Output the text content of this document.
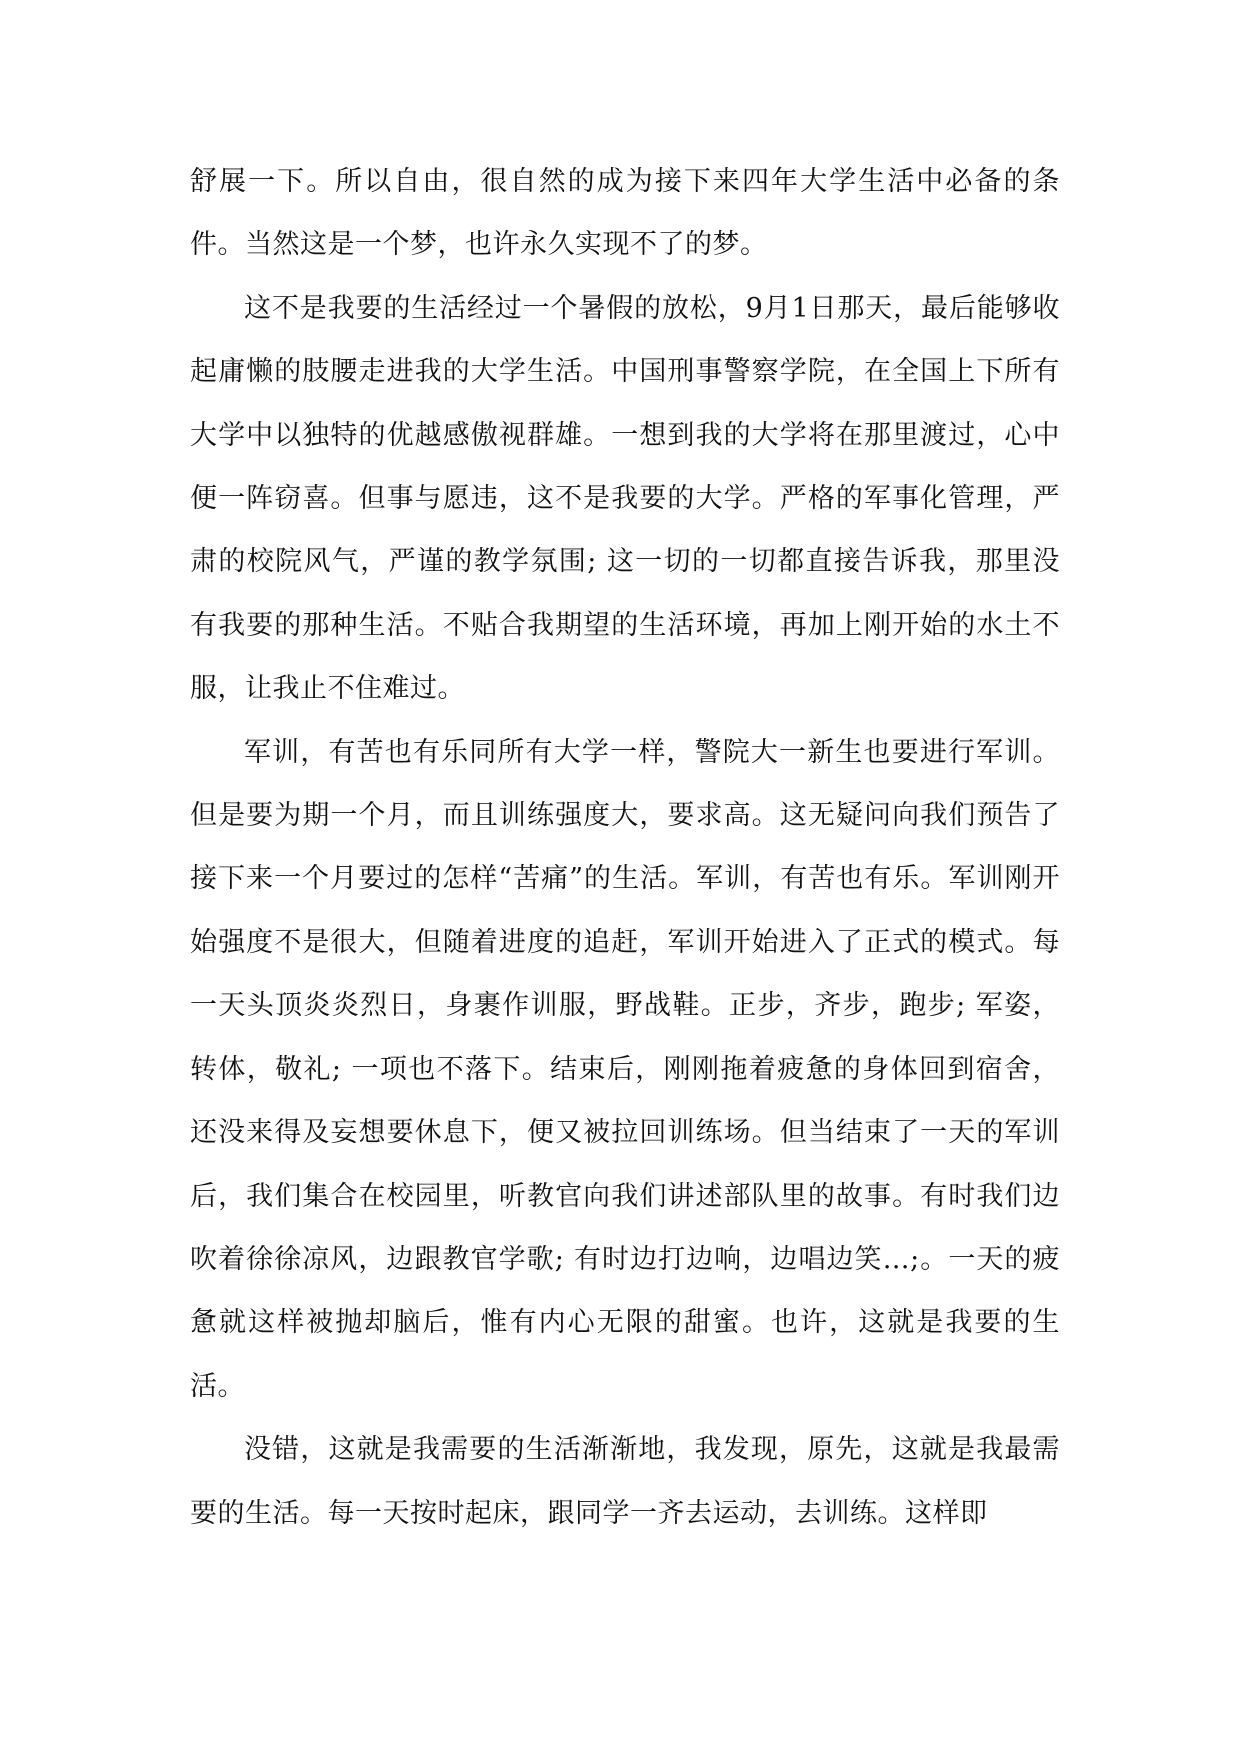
舒展一下。所以自由，很自然的成为接下来四年大学生活中必备的条件。当然这是一个梦，也许永久实现不了的梦。

这不是我要的生活经过一个暑假的放松，9月1日那天，最后能够收起庸懒的肢腰走进我的大学生活。中国刑事警察学院，在全国上下所有大学中以独特的优越感傲视群雄。一想到我的大学将在那里渡过，心中便一阵窃喜。但事与愿违，这不是我要的大学。严格的军事化管理，严肃的校院风气，严谨的教学氛围; 这一切的一切都直接告诉我，那里没有我要的那种生活。不贴合我期望的生活环境，再加上刚开始的水土不服，让我止不住难过。

军训，有苦也有乐同所有大学一样，警院大一新生也要进行军训。但是要为期一个月，而且训练强度大，要求高。这无疑问向我们预告了接下来一个月要过的怎样“苦痛”的生活。军训，有苦也有乐。军训刚开始强度不是很大，但随着进度的追赶，军训开始进入了正式的模式。每一天头顶炎炎烈日，身裹作训服，野战鞋。正步，齐步，跑步; 军姿，转体，敬礼; 一项也不落下。结束后，刚刚拖着疲惫的身体回到宿舍，还没来得及妄想要休息下，便又被拉回训练场。但当结束了一天的军训后，我们集合在校园里，听教官向我们讲述部队里的故事。有时我们边吹着徐徐凉风，边跟教官学歌; 有时边打边响，边唱边笑…;。一天的疲惫就这样被抛却脑后，惟有内心无限的甜蜜。也许，这就是我要的生活。

没错，这就是我需要的生活渐渐地，我发现，原先，这就是我最需要的生活。每一天按时起床，跟同学一齐去运动，去训练。这样即
